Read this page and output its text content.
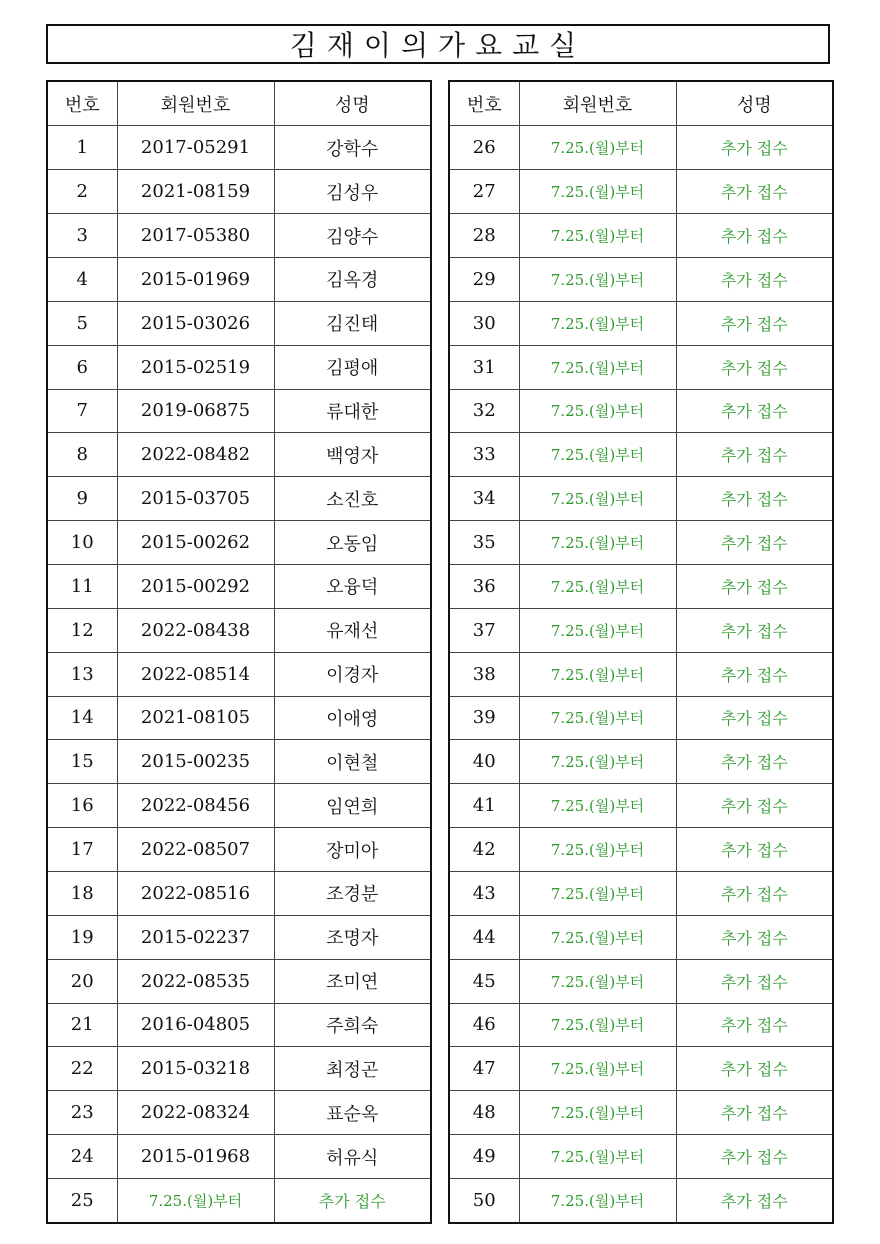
김재이의가요교실
번호	회원번호	성명
1	2017-05291	강학수
2	2021-08159	김성우
3	2017-05380	김양수
4	2015-01969	김옥경
5	2015-03026	김진태
6	2015-02519	김평애
7	2019-06875	류대한
8	2022-08482	백영자
9	2015-03705	소진호
10	2015-00262	오동임
11	2015-00292	오융덕
12	2022-08438	유재선
13	2022-08514	이경자
14	2021-08105	이애영
15	2015-00235	이현철
16	2022-08456	임연희
17	2022-08507	장미아
18	2022-08516	조경분
19	2015-02237	조명자
20	2022-08535	조미연
21	2016-04805	주희숙
22	2015-03218	최정곤
23	2022-08324	표순옥
24	2015-01968	허유식
25	7.25.(월)부터	추가 접수
번호	회원번호	성명
26	7.25.(월)부터	추가 접수
27	7.25.(월)부터	추가 접수
28	7.25.(월)부터	추가 접수
29	7.25.(월)부터	추가 접수
30	7.25.(월)부터	추가 접수
31	7.25.(월)부터	추가 접수
32	7.25.(월)부터	추가 접수
33	7.25.(월)부터	추가 접수
34	7.25.(월)부터	추가 접수
35	7.25.(월)부터	추가 접수
36	7.25.(월)부터	추가 접수
37	7.25.(월)부터	추가 접수
38	7.25.(월)부터	추가 접수
39	7.25.(월)부터	추가 접수
40	7.25.(월)부터	추가 접수
41	7.25.(월)부터	추가 접수
42	7.25.(월)부터	추가 접수
43	7.25.(월)부터	추가 접수
44	7.25.(월)부터	추가 접수
45	7.25.(월)부터	추가 접수
46	7.25.(월)부터	추가 접수
47	7.25.(월)부터	추가 접수
48	7.25.(월)부터	추가 접수
49	7.25.(월)부터	추가 접수
50	7.25.(월)부터	추가 접수
